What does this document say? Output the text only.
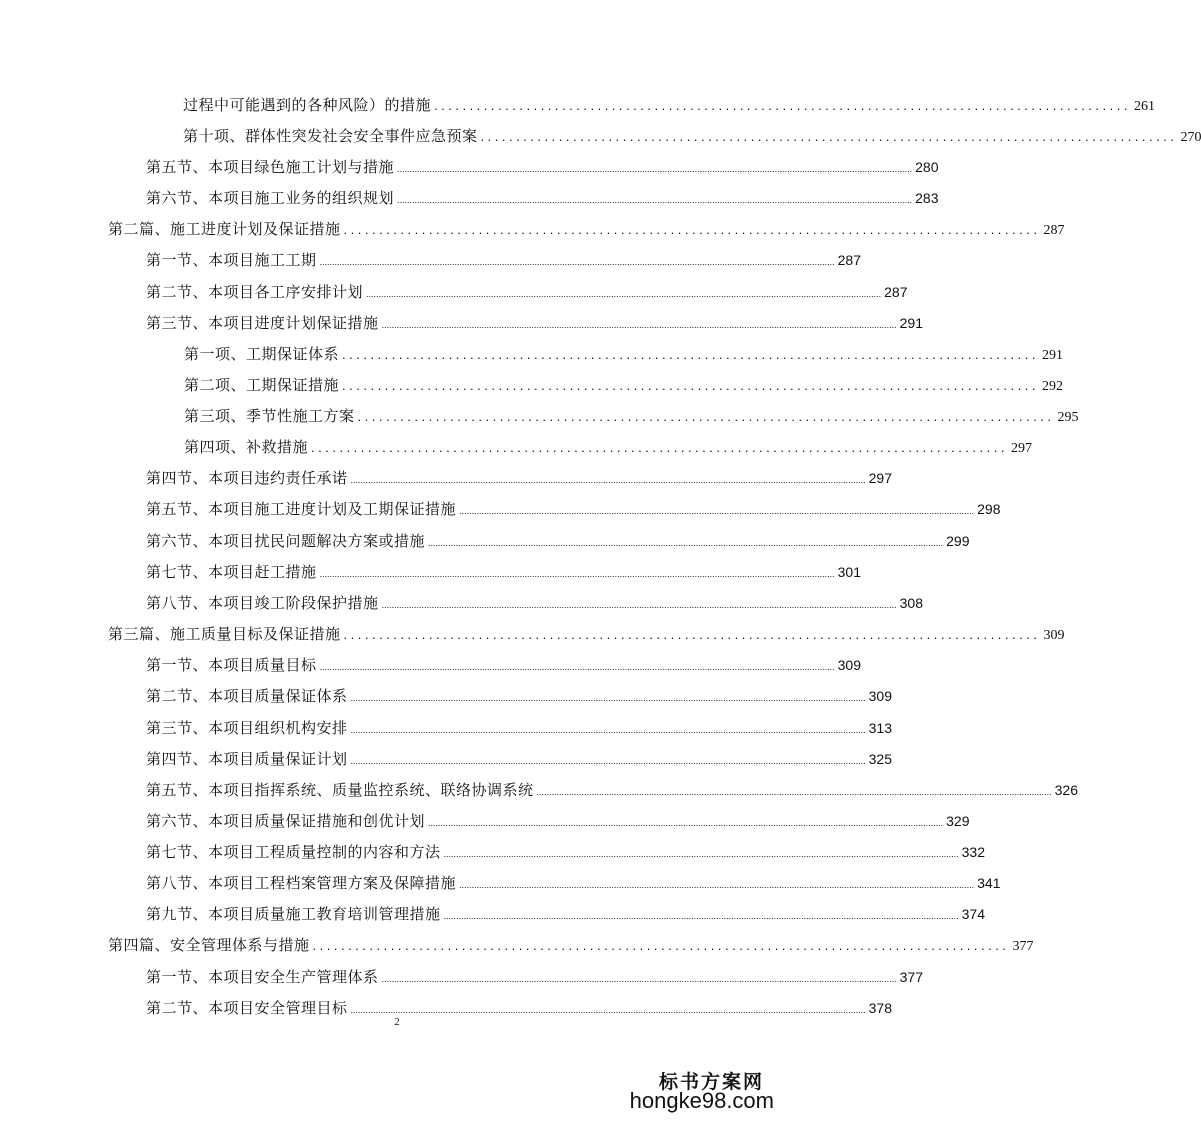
过程中可能遇到的各种风险）的措施 .................................................................................................. 261
第十项、群体性突发社会安全事件应急预案 .................................................................................................. 270
第五节、本项目绿色施工计划与措施 .............................................................................................................................................................................................................. 280
第六节、本项目施工业务的组织规划 .............................................................................................................................................................................................................. 283
第二篇、施工进度计划及保证措施 .................................................................................................. 287
第一节、本项目施工工期 .............................................................................................................................................................................................................. 287
第二节、本项目各工序安排计划 .............................................................................................................................................................................................................. 287
第三节、本项目进度计划保证措施 .............................................................................................................................................................................................................. 291
第一项、工期保证体系 .................................................................................................. 291
第二项、工期保证措施 .................................................................................................. 292
第三项、季节性施工方案 .................................................................................................. 295
第四项、补救措施 .................................................................................................. 297
第四节、本项目违约责任承诺 .............................................................................................................................................................................................................. 297
第五节、本项目施工进度计划及工期保证措施 .............................................................................................................................................................................................................. 298
第六节、本项目扰民问题解决方案或措施 .............................................................................................................................................................................................................. 299
第七节、本项目赶工措施 .............................................................................................................................................................................................................. 301
第八节、本项目竣工阶段保护措施 .............................................................................................................................................................................................................. 308
第三篇、施工质量目标及保证措施 .................................................................................................. 309
第一节、本项目质量目标 .............................................................................................................................................................................................................. 309
第二节、本项目质量保证体系 .............................................................................................................................................................................................................. 309
第三节、本项目组织机构安排 .............................................................................................................................................................................................................. 313
第四节、本项目质量保证计划 .............................................................................................................................................................................................................. 325
第五节、本项目指挥系统、质量监控系统、联络协调系统 .............................................................................................................................................................................................................. 326
第六节、本项目质量保证措施和创优计划 .............................................................................................................................................................................................................. 329
第七节、本项目工程质量控制的内容和方法 .............................................................................................................................................................................................................. 332
第八节、本项目工程档案管理方案及保障措施 .............................................................................................................................................................................................................. 341
第九节、本项目质量施工教育培训管理措施 .............................................................................................................................................................................................................. 374
第四篇、安全管理体系与措施 .................................................................................................. 377
第一节、本项目安全生产管理体系 .............................................................................................................................................................................................................. 377
第二节、本项目安全管理目标 .............................................................................................................................................................................................................. 378
2
标书方案网
hongke98.com
